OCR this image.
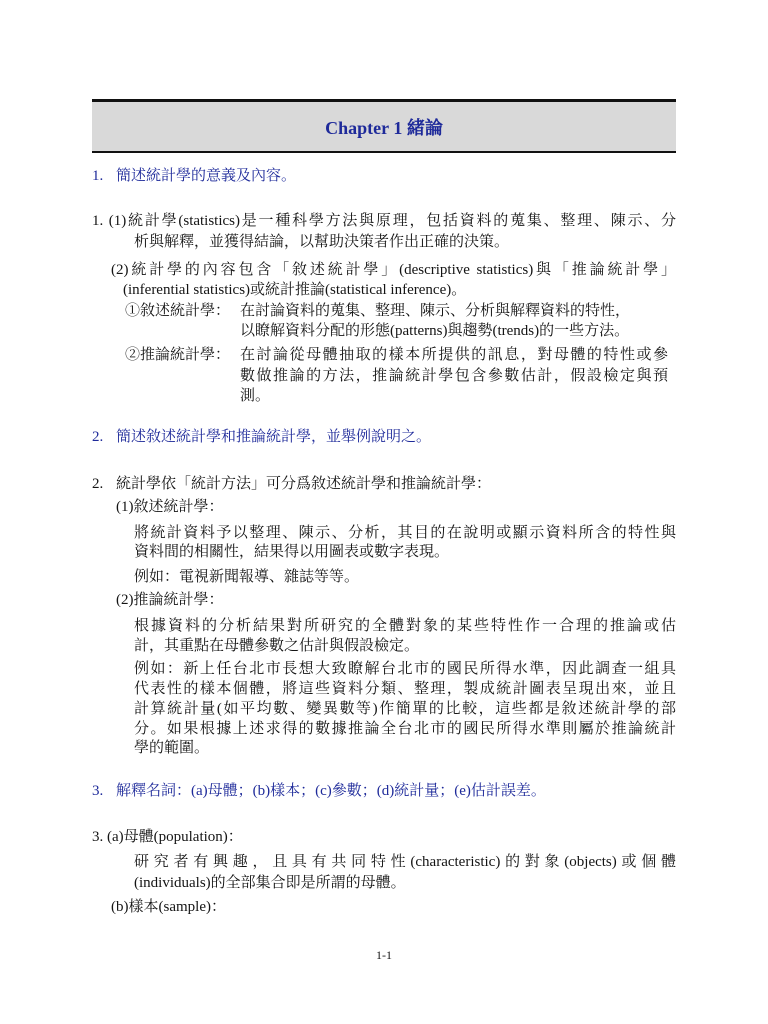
Chapter 1 緒論
1. 簡述統計學的意義及內容。
1. (1)統計學(statistics)是一種科學方法與原理，包括資料的蒐集、整理、陳示、分
析與解釋，並獲得結論，以幫助決策者作出正確的決策。
(2)統計學的內容包含「敘述統計學」(descriptive statistics)與「推論統計學」
(inferential statistics)或統計推論(statistical inference)。
①敘述統計學： 在討論資料的蒐集、整理、陳示、分析與解釋資料的特性，
以瞭解資料分配的形態(patterns)與趨勢(trends)的一些方法。
②推論統計學： 在討論從母體抽取的樣本所提供的訊息，對母體的特性或參
數做推論的方法，推論統計學包含參數估計，假設檢定與預
測。
2. 簡述敘述統計學和推論統計學，並舉例說明之。
2. 統計學依「統計方法」可分爲敘述統計學和推論統計學：
(1)敘述統計學：
將統計資料予以整理、陳示、分析，其目的在說明或顯示資料所含的特性與
資料間的相關性，結果得以用圖表或數字表現。
例如：電視新聞報導、雜誌等等。
(2)推論統計學：
根據資料的分析結果對所研究的全體對象的某些特性作一合理的推論或估
計，其重點在母體參數之估計與假設檢定。
例如：新上任台北市長想大致瞭解台北市的國民所得水準，因此調查一組具
代表性的樣本個體，將這些資料分類、整理，製成統計圖表呈現出來，並且
計算統計量(如平均數、變異數等)作簡單的比較，這些都是敘述統計學的部
分。如果根據上述求得的數據推論全台北市的國民所得水準則屬於推論統計
學的範圍。
3. 解釋名詞：(a)母體；(b)樣本；(c)參數；(d)統計量；(e)估計誤差。
3. (a)母體(population)：
研究者有興趣，且具有共同特性(characteristic)的對象(objects)或個體
(individuals)的全部集合即是所謂的母體。
(b)樣本(sample)：
1-1
